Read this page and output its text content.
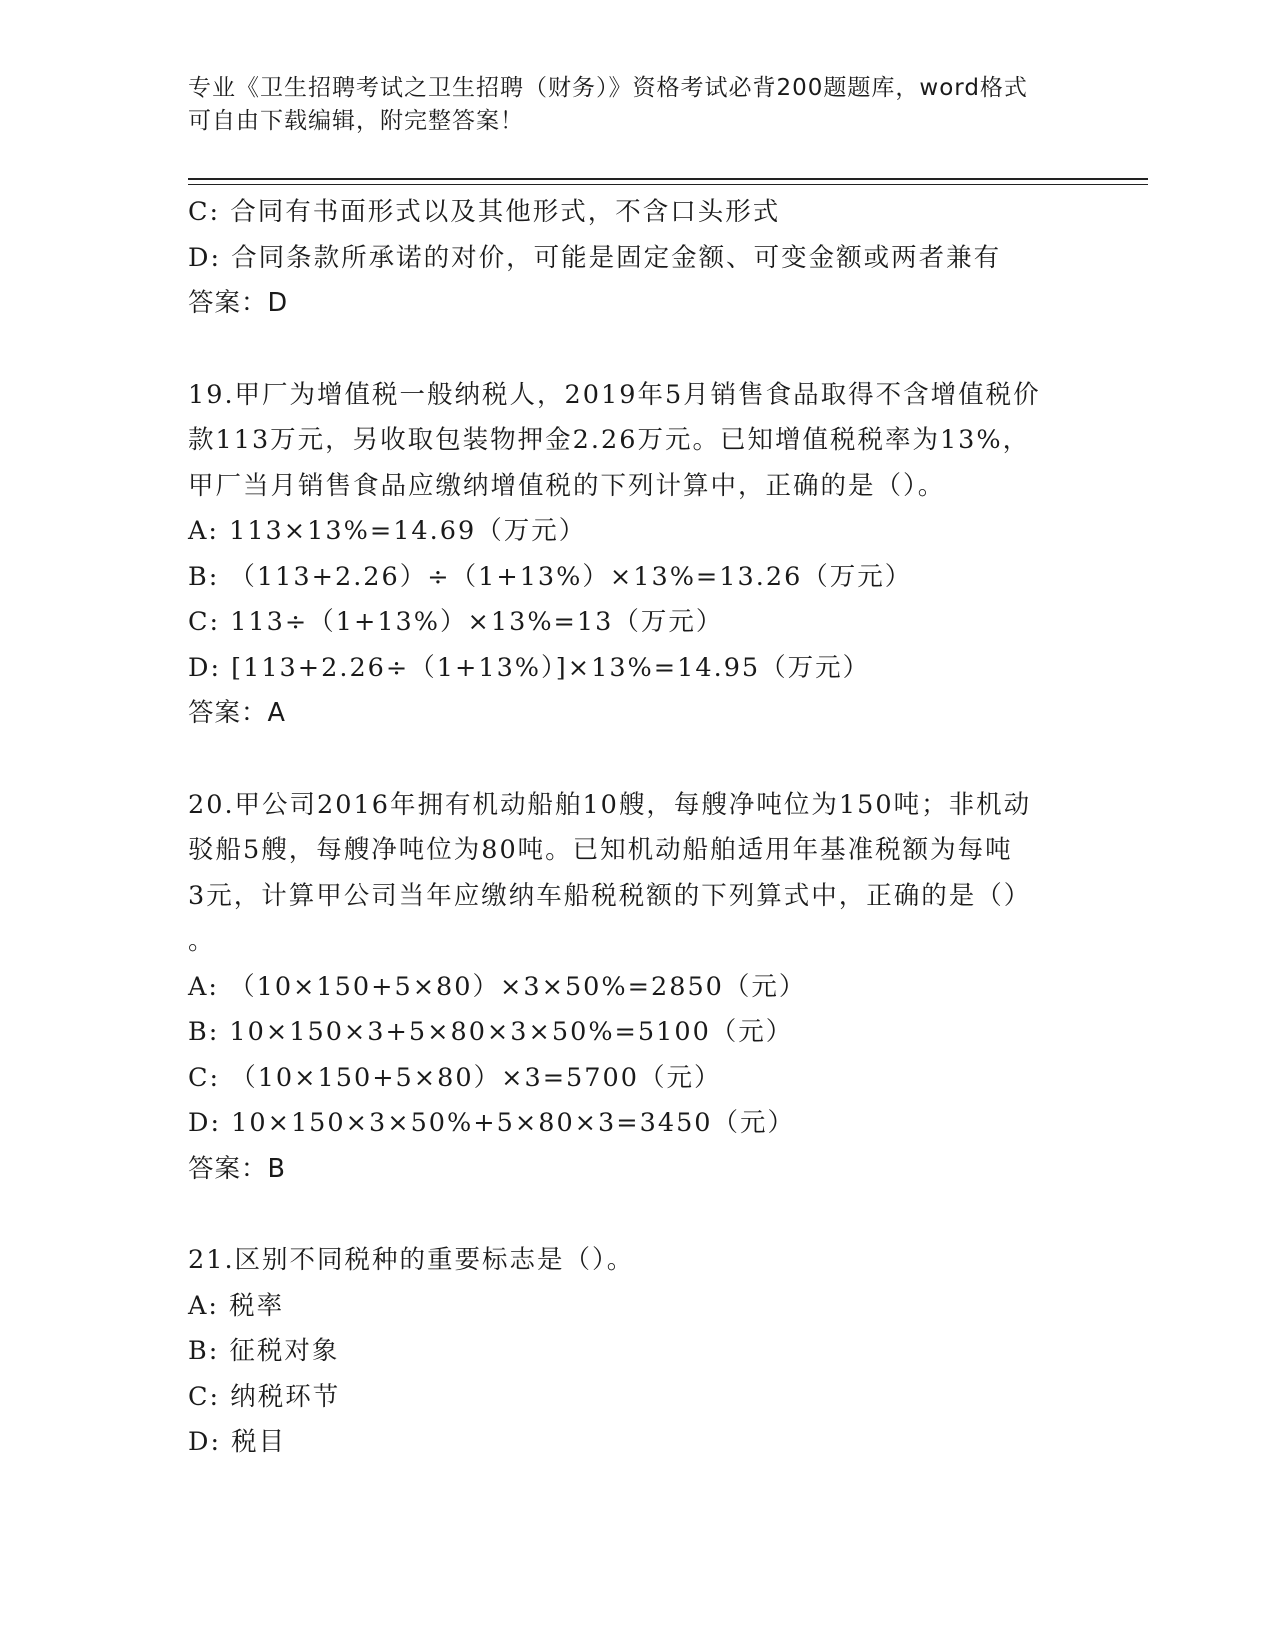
专业《卫生招聘考试之卫生招聘（财务）》资格考试必背200题题库，word格式
可自由下载编辑，附完整答案！
C: 合同有书面形式以及其他形式，不含口头形式
D: 合同条款所承诺的对价，可能是固定金额、可变金额或两者兼有
答案：D
19.甲厂为增值税一般纳税人，2019年5月销售食品取得不含增值税价
款113万元，另收取包装物押金2.26万元。已知增值税税率为13%，
甲厂当月销售食品应缴纳增值税的下列计算中，正确的是（）。
A: 113×13%=14.69（万元）
B: （113+2.26）÷（1+13%）×13%=13.26（万元）
C: 113÷（1+13%）×13%=13（万元）
D: [113+2.26÷（1+13%）]×13%=14.95（万元）
答案：A
20.甲公司2016年拥有机动船舶10艘，每艘净吨位为150吨；非机动
驳船5艘，每艘净吨位为80吨。已知机动船舶适用年基准税额为每吨
3元，计算甲公司当年应缴纳车船税税额的下列算式中，正确的是（）
。
A: （10×150+5×80）×3×50%=2850（元）
B: 10×150×3+5×80×3×50%=5100（元）
C: （10×150+5×80）×3=5700（元）
D: 10×150×3×50%+5×80×3=3450（元）
答案：B
21.区别不同税种的重要标志是（）。
A: 税率
B: 征税对象
C: 纳税环节
D: 税目
